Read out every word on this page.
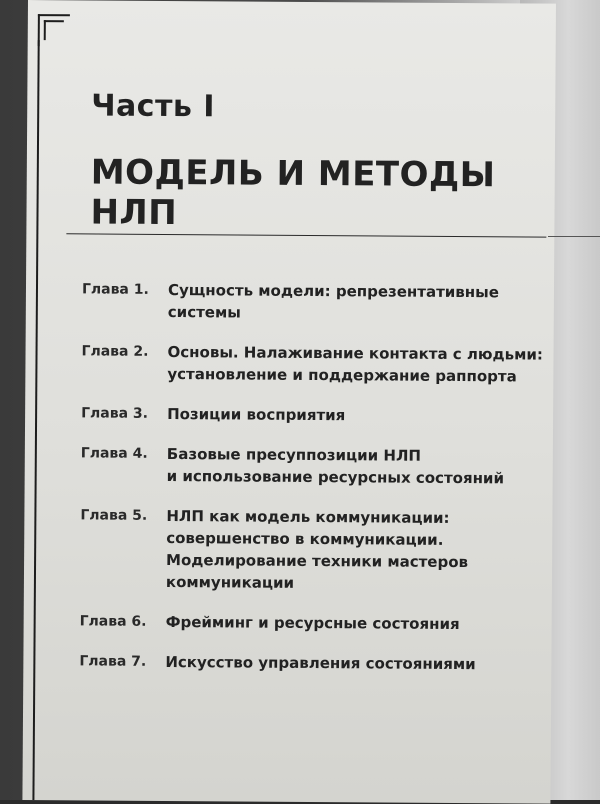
Часть I
МОДЕЛЬ И МЕТОДЫ НЛП
Глава 1.	Сущность модели: репрезентативные
системы
Глава 2.	Основы. Налаживание контакта с людьми:
установление и поддержание раппорта
Глава 3.	Позиции восприятия
Глава 4.	Базовые пресуппозиции НЛП
и использование ресурсных состояний
Глава 5.	НЛП как модель коммуникации:
совершенство в коммуникации.
Моделирование техники мастеров
коммуникации
Глава 6.	Фрейминг и ресурсные состояния
Глава 7.	Искусство управления состояниями
